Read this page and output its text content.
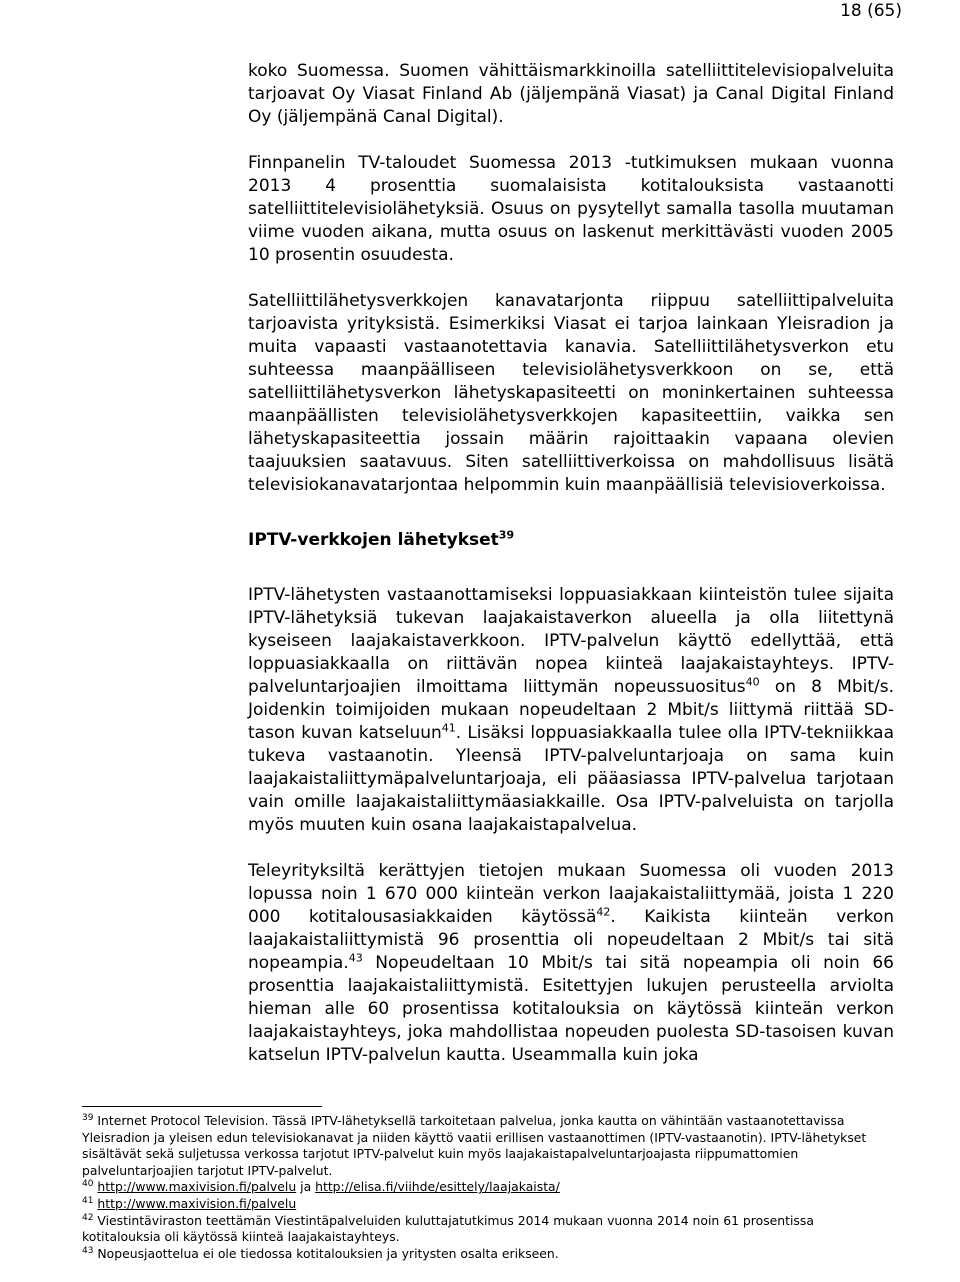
18 (65)

koko Suomessa. Suomen vähittäismarkkinoilla satelliittitelevisiopalveluita tarjoavat Oy Viasat Finland Ab (jäljempänä Viasat) ja Canal Digital Finland Oy (jäljempänä Canal Digital).

Finnpanelin TV-taloudet Suomessa 2013 -tutkimuksen mukaan vuonna 2013 4 prosenttia suomalaisista kotitalouksista vastaanotti satelliittitelevisiolähetyksiä. Osuus on pysytellyt samalla tasolla muutaman viime vuoden aikana, mutta osuus on laskenut merkittävästi vuoden 2005 10 prosentin osuudesta.

Satelliittilähetysverkkojen kanavatarjonta riippuu satelliittipalveluita tarjoavista yrityksistä. Esimerkiksi Viasat ei tarjoa lainkaan Yleisradion ja muita vapaasti vastaanotettavia kanavia. Satelliittilähetysverkon etu suhteessa maanpäälliseen televisiolähetysverkkoon on se, että satelliittilähetysverkon lähetyskapasiteetti on moninkertainen suhteessa maanpäällisten televisiolähetysverkkojen kapasiteettiin, vaikka sen lähetyskapasiteettia jossain määrin rajoittaakin vapaana olevien taajuuksien saatavuus. Siten satelliittiverkoissa on mahdollisuus lisätä televisiokanavatarjontaa helpommin kuin maanpäällisiä televisioverkoissa.

IPTV-verkkojen lähetykset$^{39}$

IPTV-lähetysten vastaanottamiseksi loppuasiakkaan kiinteistön tulee sijaita IPTV-lähetyksiä tukevan laajakaistaverkon alueella ja olla liitettynä kyseiseen laajakaistaverkkoon. IPTV-palvelun käyttö edellyttää, että loppuasiakkaalla on riittävän nopea kiinteä laajakaistayhteys. IPTV-palveluntarjoajien ilmoittama liittymän nopeussuositus$^{40}$ on 8 Mbit/s. Joidenkin toimijoiden mukaan nopeudeltaan 2 Mbit/s liittymä riittää SD-tason kuvan katseluun$^{41}$. Lisäksi loppuasiakkaalla tulee olla IPTV-tekniikkaa tukeva vastaanotin. Yleensä IPTV-palveluntarjoaja on sama kuin laajakaistaliittymäpalveluntarjoaja, eli pääasiassa IPTV-palvelua tarjotaan vain omille laajakaistaliittymäasiakkaille. Osa IPTV-palveluista on tarjolla myös muuten kuin osana laajakaistapalvelua.

Teleyrityksiltä kerättyjen tietojen mukaan Suomessa oli vuoden 2013 lopussa noin 1 670 000 kiinteän verkon laajakaistaliittymää, joista 1 220 000 kotitalousasiakkaiden käytössä$^{42}$. Kaikista kiinteän verkon laajakaistaliittymistä 96 prosenttia oli nopeudeltaan 2 Mbit/s tai sitä nopeampia.$^{43}$ Nopeudeltaan 10 Mbit/s tai sitä nopeampia oli noin 66 prosenttia laajakaistaliittymistä. Esitettyjen lukujen perusteella arviolta hieman alle 60 prosentissa kotitalouksia on käytössä kiinteän verkon laajakaistayhteys, joka mahdollistaa nopeuden puolesta SD-tasoisen kuvan katselun IPTV-palvelun kautta. Useammalla kuin joka

$^{39}$ Internet Protocol Television. Tässä IPTV-lähetyksellä tarkoitetaan palvelua, jonka kautta on vähintään vastaanotettavissa Yleisradion ja yleisen edun televisiokanavat ja niiden käyttö vaatii erillisen vastaanottimen (IPTV-vastaanotin). IPTV-lähetykset sisältävät sekä suljetussa verkossa tarjotut IPTV-palvelut kuin myös laajakaistapalveluntarjoajasta riippumattomien palveluntarjoajien tarjotut IPTV-palvelut.

$^{40}$ http://www.maxivision.fi/palvelu ja http://elisa.fi/viihde/esittely/laajakaista/

$^{41}$ http://www.maxivision.fi/palvelu

$^{42}$ Viestintäviraston teettämän Viestintäpalveluiden kuluttajatutkimus 2014 mukaan vuonna 2014 noin 61 prosentissa kotitalouksia oli käytössä kiinteä laajakaistayhteys.

$^{43}$ Nopeusjaottelua ei ole tiedossa kotitalouksien ja yritysten osalta erikseen.
